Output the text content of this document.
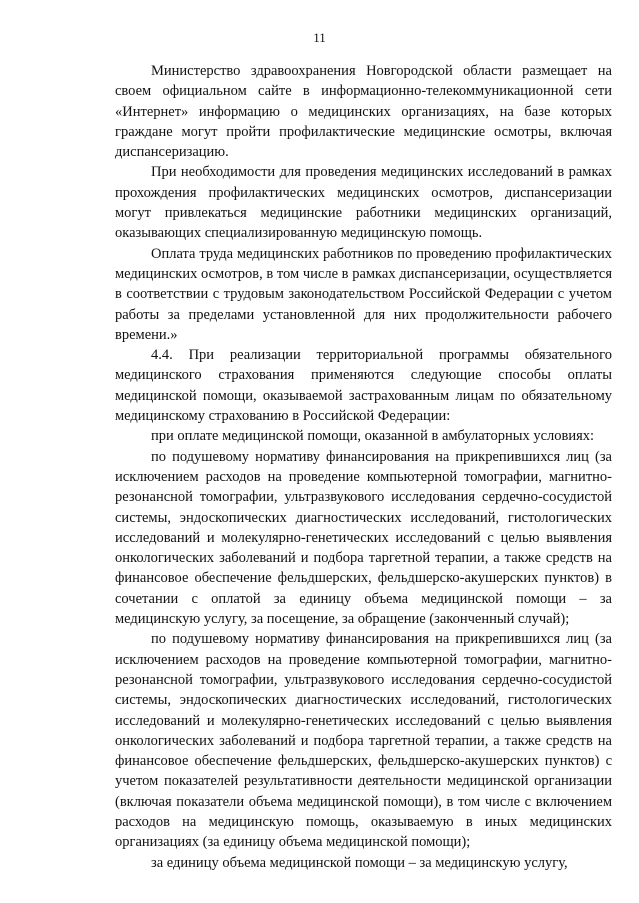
11

Министерство здравоохранения Новгородской области размещает на своем официальном сайте в информационно-телекоммуникационной сети «Интернет» информацию о медицинских организациях, на базе которых граждане могут пройти профилактические медицинские осмотры, включая диспансеризацию.

При необходимости для проведения медицинских исследований в рамках прохождения профилактических медицинских осмотров, диспансеризации могут привлекаться медицинские работники медицинских организаций, оказывающих специализированную медицинскую помощь.

Оплата труда медицинских работников по проведению профилактических медицинских осмотров, в том числе в рамках диспансеризации, осуществляется в соответствии с трудовым законодательством Российской Федерации с учетом работы за пределами установленной для них продолжительности рабочего времени.»

4.4. При реализации территориальной программы обязательного медицинского страхования применяются следующие способы оплаты медицинской помощи, оказываемой застрахованным лицам по обязательному медицинскому страхованию в Российской Федерации:

при оплате медицинской помощи, оказанной в амбулаторных условиях:

по подушевому нормативу финансирования на прикрепившихся лиц (за исключением расходов на проведение компьютерной томографии, магнитно-резонансной томографии, ультразвукового исследования сердечно-сосудистой системы, эндоскопических диагностических исследований, гистологических исследований и молекулярно-генетических исследований с целью выявления онкологических заболеваний и подбора таргетной терапии, а также средств на финансовое обеспечение фельдшерских, фельдшерско-акушерских пунктов) в сочетании с оплатой за единицу объема медицинской помощи – за медицинскую услугу, за посещение, за обращение (законченный случай);

по подушевому нормативу финансирования на прикрепившихся лиц (за исключением расходов на проведение компьютерной томографии, магнитно-резонансной томографии, ультразвукового исследования сердечно-сосудистой системы, эндоскопических диагностических исследований, гистологических исследований и молекулярно-генетических исследований с целью выявления онкологических заболеваний и подбора таргетной терапии, а также средств на финансовое обеспечение фельдшерских, фельдшерско-акушерских пунктов) с учетом показателей результативности деятельности медицинской организации (включая показатели объема медицинской помощи), в том числе с включением расходов на медицинскую помощь, оказываемую в иных медицинских организациях (за единицу объема медицинской помощи);

за единицу объема медицинской помощи – за медицинскую услугу,
